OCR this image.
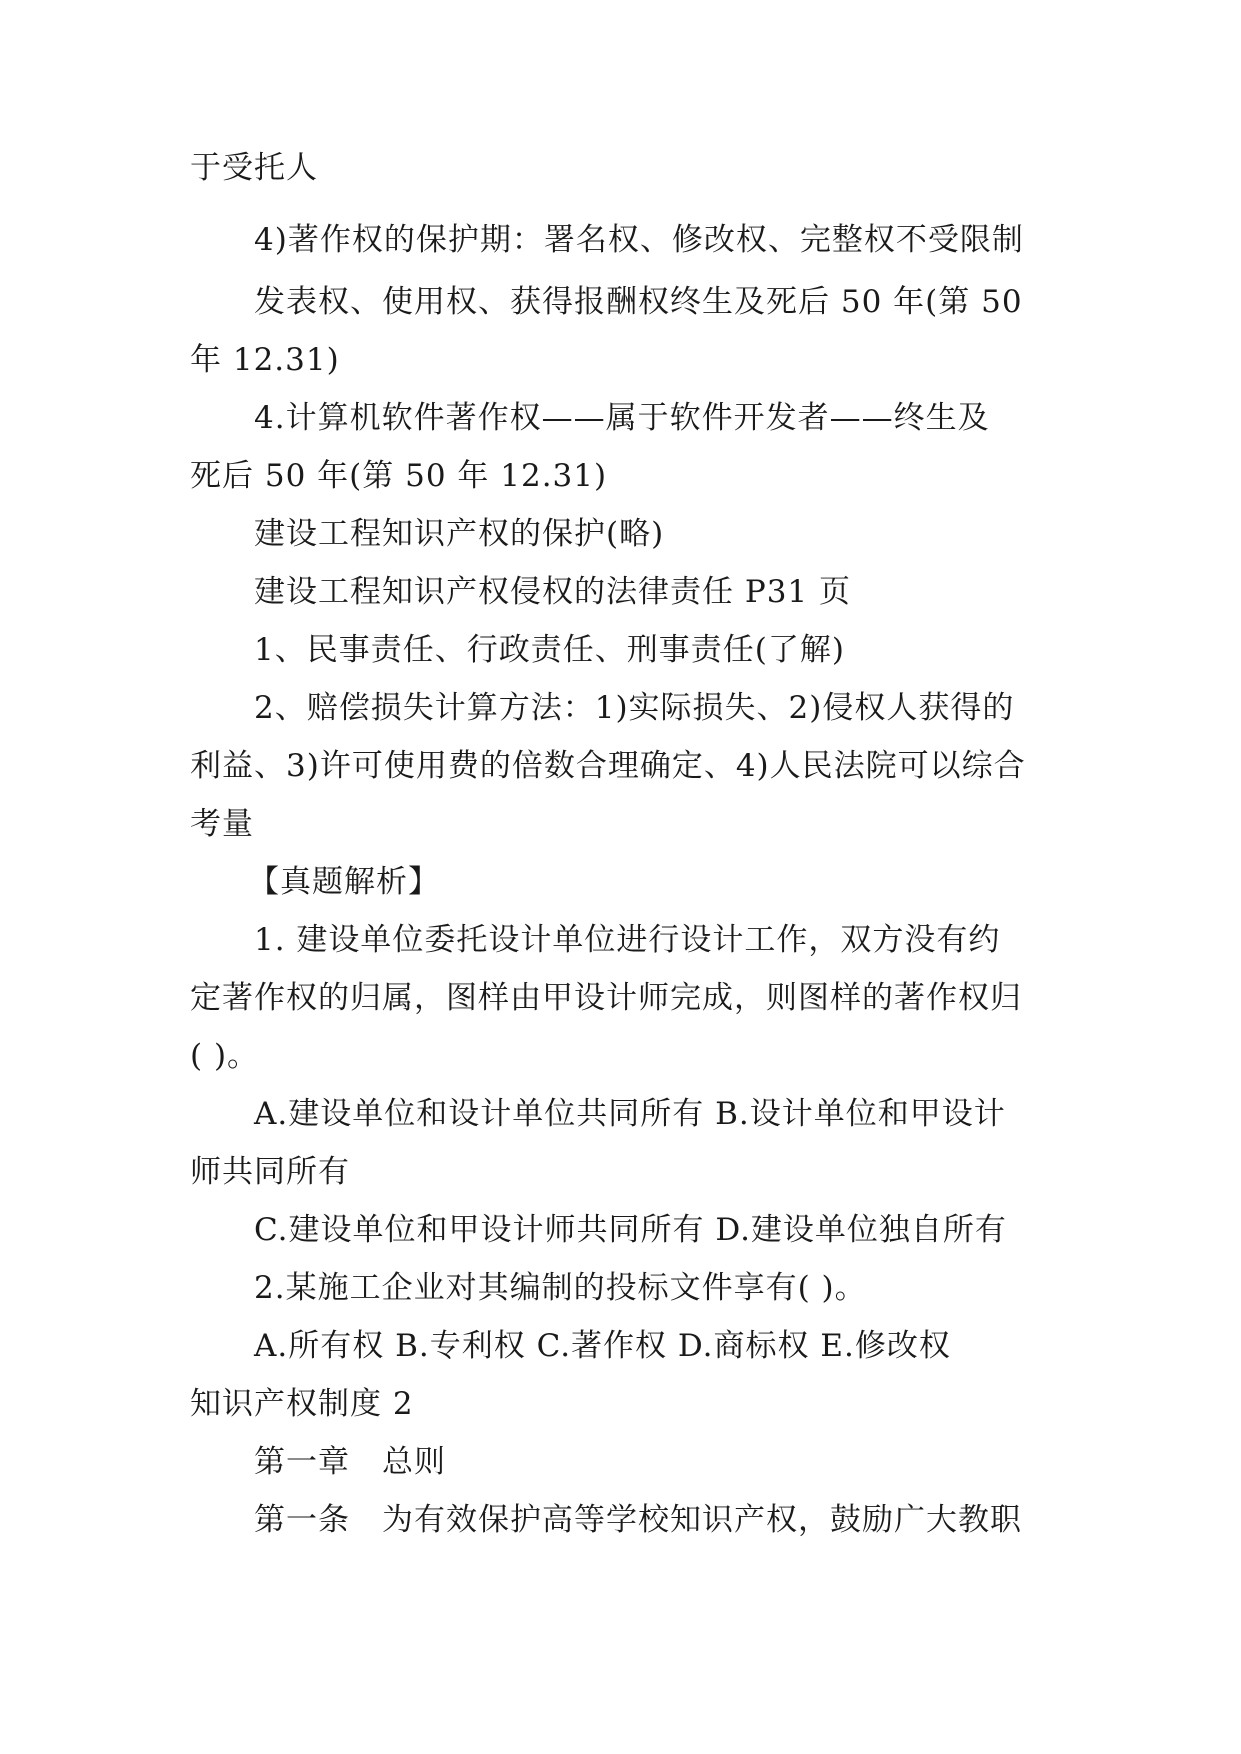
于受托人

4)著作权的保护期：署名权、修改权、完整权不受限制

发表权、使用权、获得报酬权终生及死后 50 年(第 50

年 12.31)

4.计算机软件著作权——属于软件开发者——终生及

死后 50 年(第 50 年 12.31)

建设工程知识产权的保护(略)

建设工程知识产权侵权的法律责任 P31 页

1、民事责任、行政责任、刑事责任(了解)

2、赔偿损失计算方法：1)实际损失、2)侵权人获得的

利益、3)许可使用费的倍数合理确定、4)人民法院可以综合

考量

【真题解析】

1. 建设单位委托设计单位进行设计工作，双方没有约

定著作权的归属，图样由甲设计师完成，则图样的著作权归

( )。

A.建设单位和设计单位共同所有 B.设计单位和甲设计

师共同所有

C.建设单位和甲设计师共同所有 D.建设单位独自所有

2.某施工企业对其编制的投标文件享有( )。

A.所有权 B.专利权 C.著作权 D.商标权 E.修改权

知识产权制度 2

第一章　总则

第一条　为有效保护高等学校知识产权，鼓励广大教职
